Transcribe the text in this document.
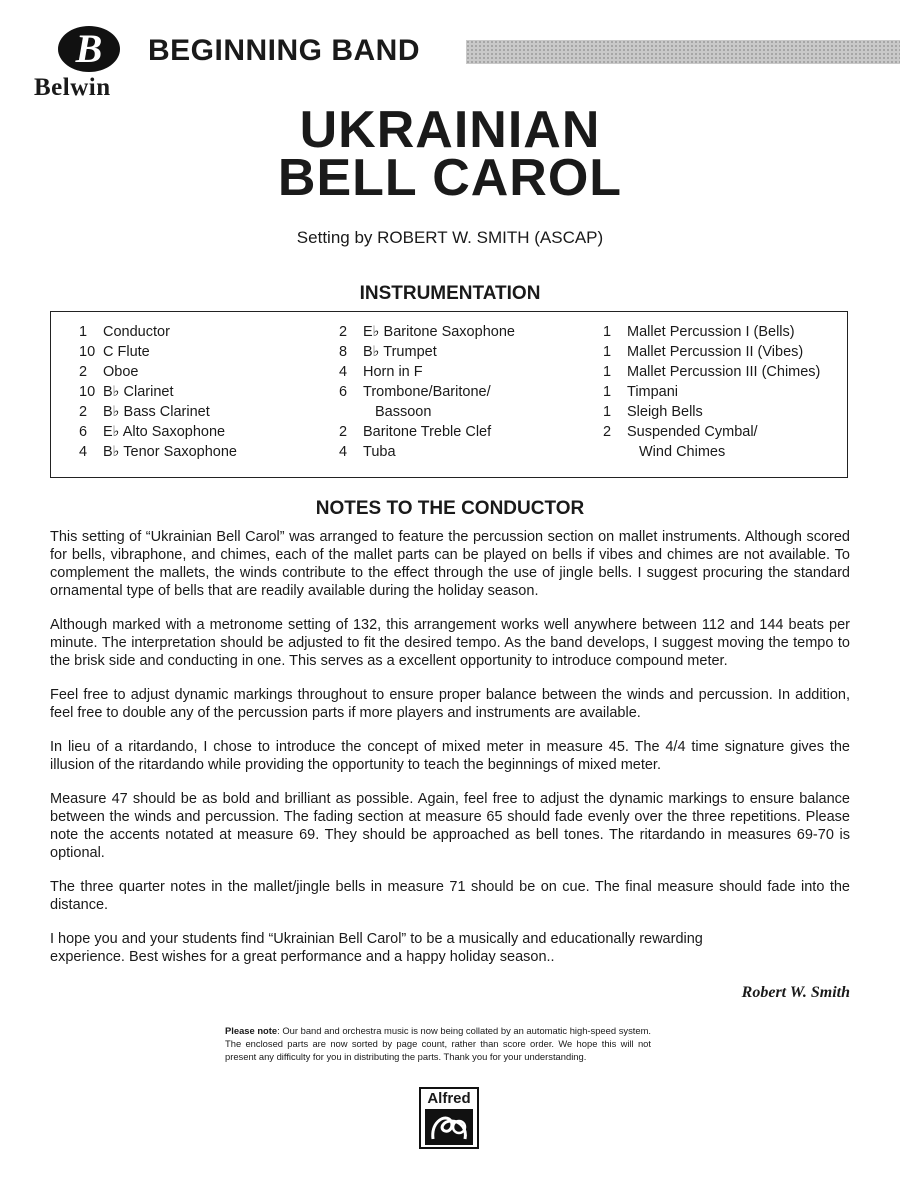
B
Belwin
BEGINNING BAND
UKRAINIAN
BELL CAROL
Setting by ROBERT W. SMITH (ASCAP)
INSTRUMENTATION
1	Conductor
10 C Flute
2	Oboe
10 B♭ Clarinet
2	B♭ Bass Clarinet
6	E♭ Alto Saxophone
4	B♭ Tenor Saxophone
2	E♭ Baritone Saxophone
8	B♭ Trumpet
4	Horn in F
6	Trombone/Baritone/
Bassoon
2	Baritone Treble Clef
4	Tuba
1	Mallet Percussion I (Bells)
1	Mallet Percussion II (Vibes)
1	Mallet Percussion III (Chimes)
1	Timpani
1	Sleigh Bells
2	Suspended Cymbal/
Wind Chimes
NOTES TO THE CONDUCTOR

This setting of “Ukrainian Bell Carol” was arranged to feature the percussion section on mallet instruments. Although scored for bells, vibraphone, and chimes, each of the mallet parts can be played on bells if vibes and chimes are not available. To complement the mallets, the winds contribute to the effect through the use of jingle bells. I suggest procuring the standard ornamental type of bells that are readily available during the holiday season.

Although marked with a metronome setting of 132, this arrangement works well anywhere between 112 and 144 beats per minute. The interpretation should be adjusted to fit the desired tempo. As the band develops, I suggest moving the tempo to the brisk side and conducting in one. This serves as a excellent opportunity to introduce compound meter.

Feel free to adjust dynamic markings throughout to ensure proper balance between the winds and percussion. In addition, feel free to double any of the percussion parts if more players and instruments are available.

In lieu of a ritardando, I chose to introduce the concept of mixed meter in measure 45. The 4/4 time signature gives the illusion of the ritardando while providing the opportunity to teach the beginnings of mixed meter.

Measure 47 should be as bold and brilliant as possible. Again, feel free to adjust the dynamic markings to ensure balance between the winds and percussion. The fading section at measure 65 should fade evenly over the three repetitions. Please note the accents notated at measure 69. They should be approached as bell tones. The ritardando in measures 69-70 is optional.

The three quarter notes in the mallet/jingle bells in measure 71 should be on cue. The final measure should fade into the distance.

I hope you and your students find “Ukrainian Bell Carol” to be a musically and educationally rewarding experience. Best wishes for a great performance and a happy holiday season..

Robert W. Smith
Please note: Our band and orchestra music is now being collated by an automatic high-speed system. The enclosed parts are now sorted by page count, rather than score order. We hope this will not present any difficulty for you in distributing the parts. Thank you for your understanding.
Alfred
